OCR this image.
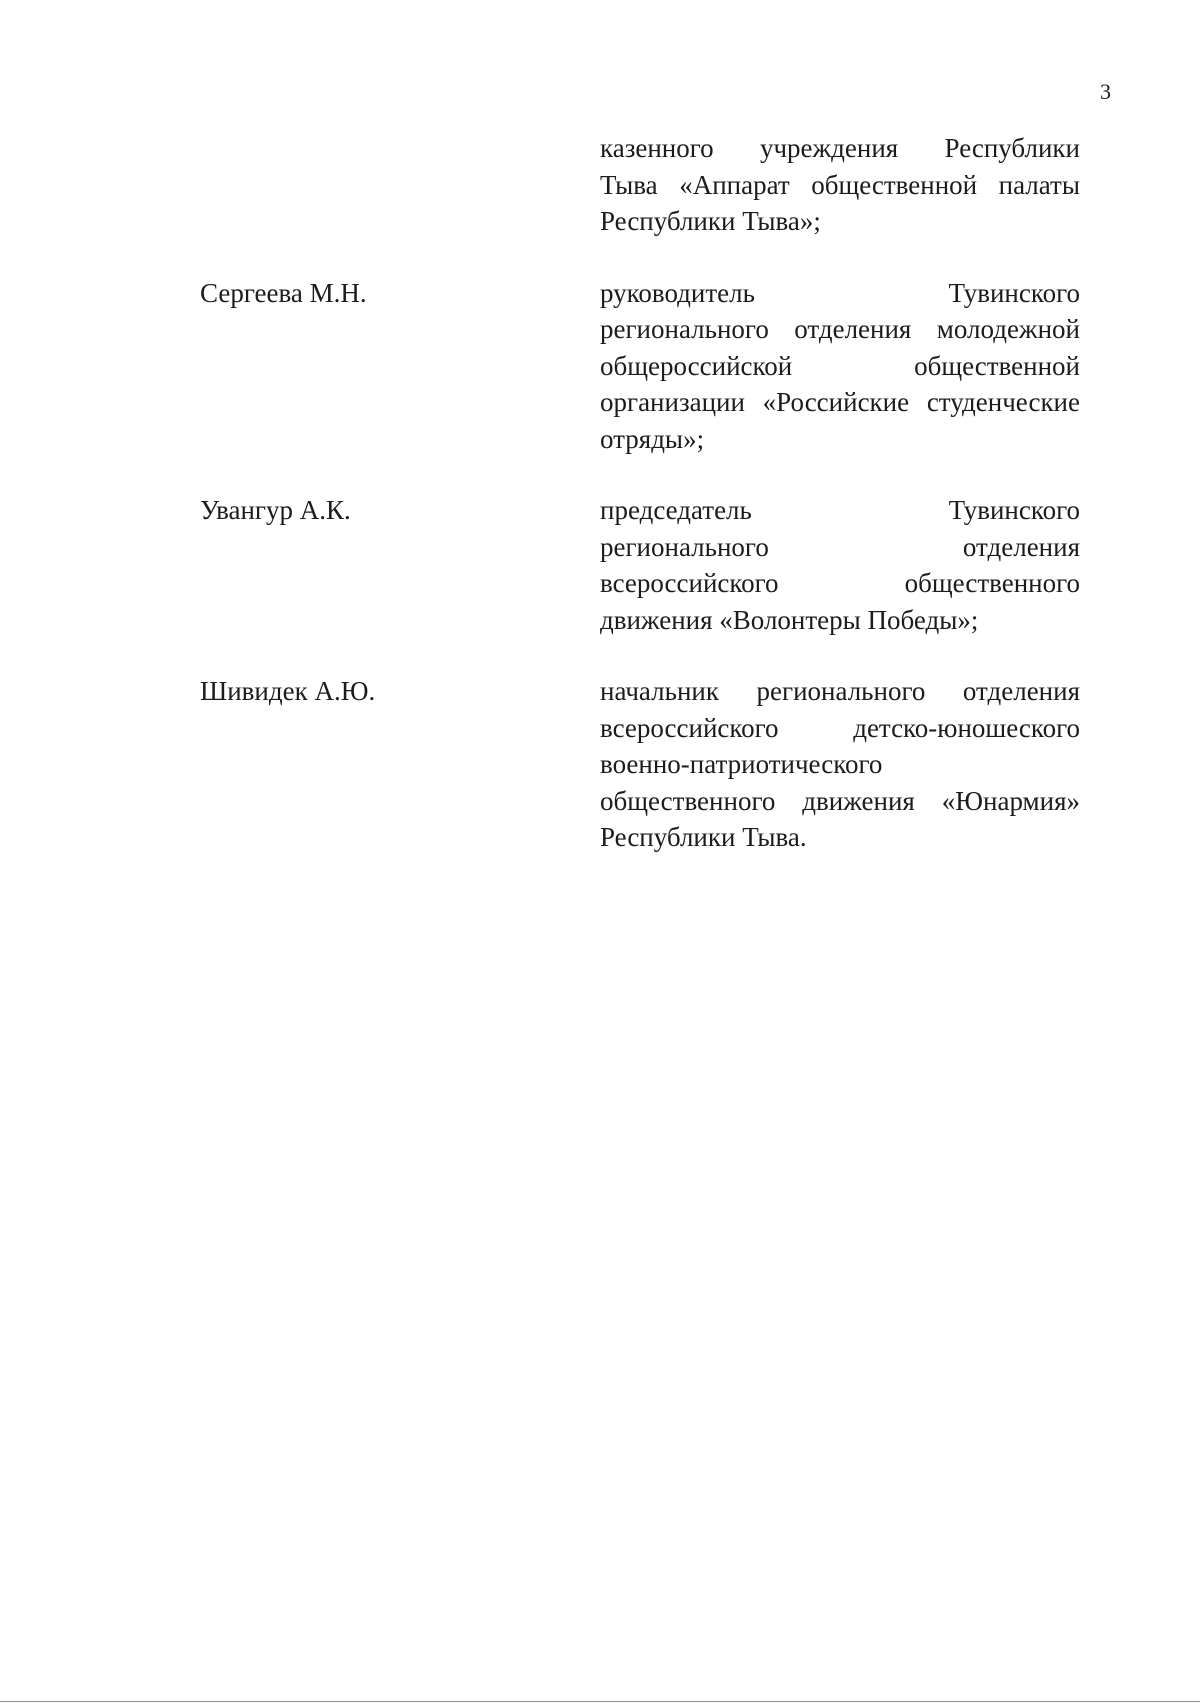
3
казенного учреждения Республики
Тыва «Аппарат общественной палаты
Республики Тыва»;
Сергеева М.Н.	руководитель Тувинского
регионального отделения молодежной
общероссийской общественной
организации «Российские студенческие
отряды»;
Увангур А.К.	председатель Тувинского
регионального отделения
всероссийского общественного
движения «Волонтеры Победы»;
Шивидек А.Ю.	начальник регионального отделения
всероссийского детско-юношеского
военно-патриотического
общественного движения «Юнармия»
Республики Тыва.
